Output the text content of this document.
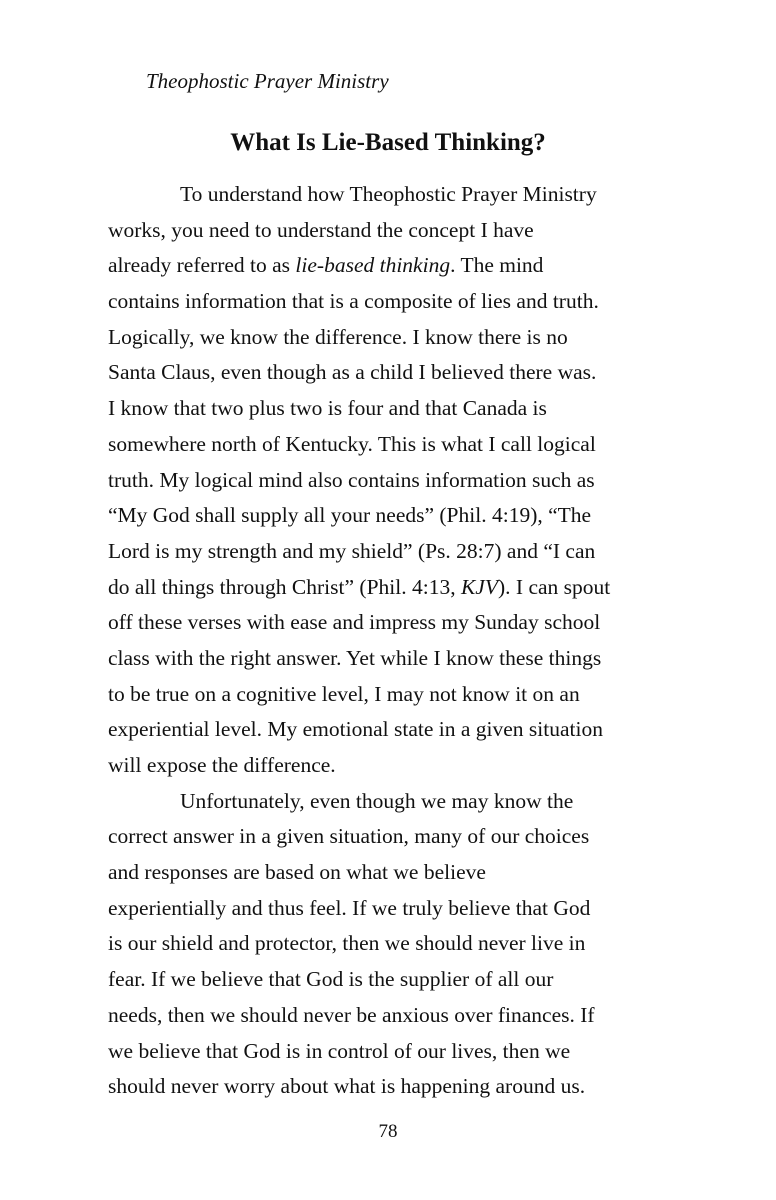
Theophostic Prayer Ministry
What Is Lie-Based Thinking?
To understand how Theophostic Prayer Ministry
works, you need to understand the concept I have
already referred to as lie-based thinking. The mind
contains information that is a composite of lies and truth.
Logically, we know the difference. I know there is no
Santa Claus, even though as a child I believed there was.
I know that two plus two is four and that Canada is
somewhere north of Kentucky. This is what I call logical
truth. My logical mind also contains information such as
“My God shall supply all your needs” (Phil. 4:19), “The
Lord is my strength and my shield” (Ps. 28:7) and “I can
do all things through Christ” (Phil. 4:13, KJV). I can spout
off these verses with ease and impress my Sunday school
class with the right answer. Yet while I know these things
to be true on a cognitive level, I may not know it on an
experiential level. My emotional state in a given situation
will expose the difference.
Unfortunately, even though we may know the
correct answer in a given situation, many of our choices
and responses are based on what we believe
experientially and thus feel. If we truly believe that God
is our shield and protector, then we should never live in
fear. If we believe that God is the supplier of all our
needs, then we should never be anxious over finances. If
we believe that God is in control of our lives, then we
should never worry about what is happening around us.
78
